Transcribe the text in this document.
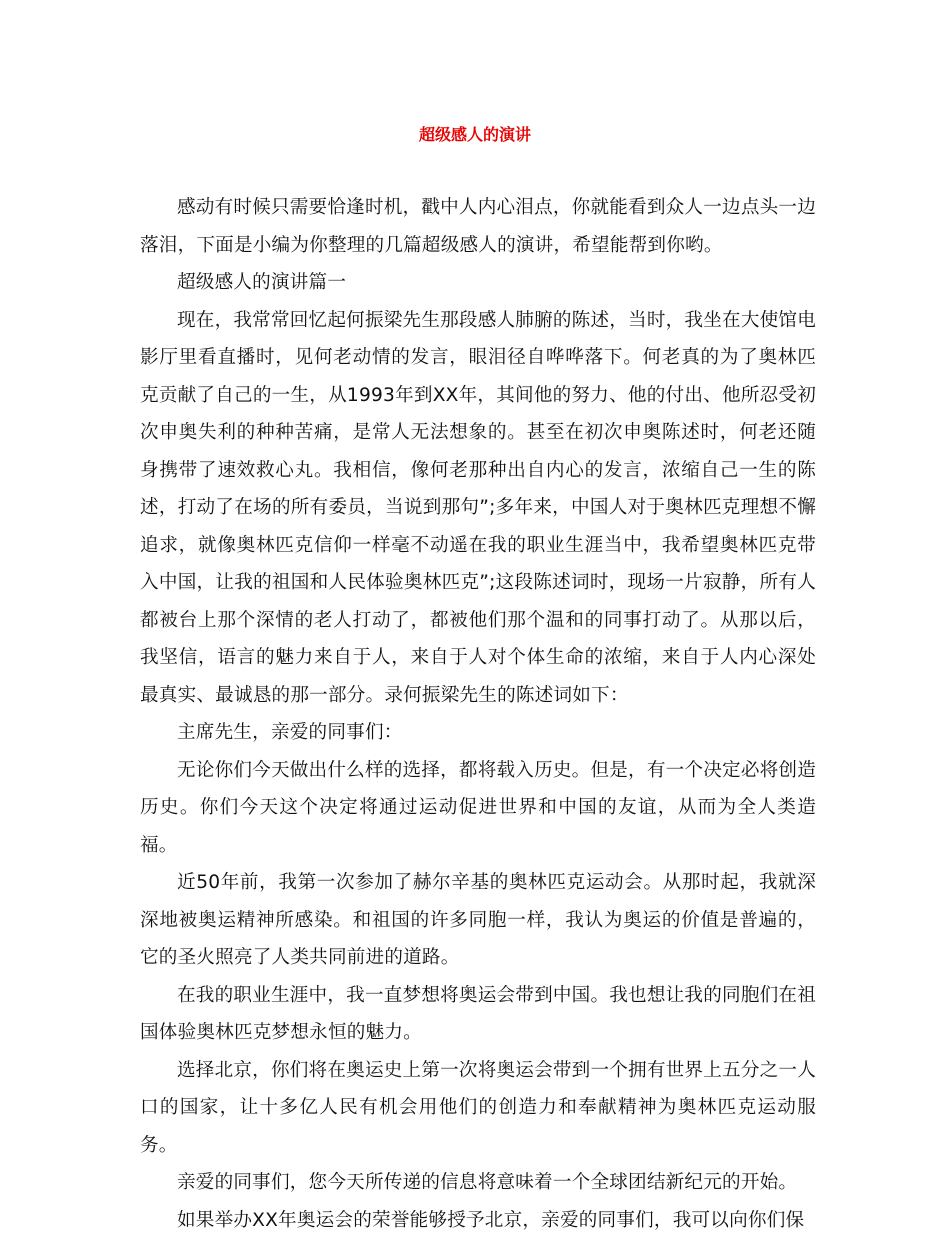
超级感人的演讲

感动有时候只需要恰逢时机，戳中人内心泪点，你就能看到众人一边点头一边落泪，下面是小编为你整理的几篇超级感人的演讲，希望能帮到你哟。

超级感人的演讲篇一

现在，我常常回忆起何振梁先生那段感人肺腑的陈述，当时，我坐在大使馆电影厅里看直播时，见何老动情的发言，眼泪径自哗哗落下。何老真的为了奥林匹克贡献了自己的一生，从1993年到XX年，其间他的努力、他的付出、他所忍受初次申奥失利的种种苦痛，是常人无法想象的。甚至在初次申奥陈述时，何老还随身携带了速效救心丸。我相信，像何老那种出自内心的发言，浓缩自己一生的陈述，打动了在场的所有委员，当说到那句”;多年来，中国人对于奥林匹克理想不懈追求，就像奥林匹克信仰一样毫不动遥在我的职业生涯当中，我希望奥林匹克带入中国，让我的祖国和人民体验奥林匹克”;这段陈述词时，现场一片寂静，所有人都被台上那个深情的老人打动了，都被他们那个温和的同事打动了。从那以后，我坚信，语言的魅力来自于人，来自于人对个体生命的浓缩，来自于人内心深处最真实、最诚恳的那一部分。录何振梁先生的陈述词如下：

主席先生，亲爱的同事们：

无论你们今天做出什么样的选择，都将载入历史。但是，有一个决定必将创造历史。你们今天这个决定将通过运动促进世界和中国的友谊，从而为全人类造福。

近50年前，我第一次参加了赫尔辛基的奥林匹克运动会。从那时起，我就深深地被奥运精神所感染。和祖国的许多同胞一样，我认为奥运的价值是普遍的，它的圣火照亮了人类共同前进的道路。

在我的职业生涯中，我一直梦想将奥运会带到中国。我也想让我的同胞们在祖国体验奥林匹克梦想永恒的魅力。

选择北京，你们将在奥运史上第一次将奥运会带到一个拥有世界上五分之一人口的国家，让十多亿人民有机会用他们的创造力和奉献精神为奥林匹克运动服务。

亲爱的同事们，您今天所传递的信息将意味着一个全球团结新纪元的开始。

如果举办XX年奥运会的荣誉能够授予北京，亲爱的同事们，我可以向你们保
